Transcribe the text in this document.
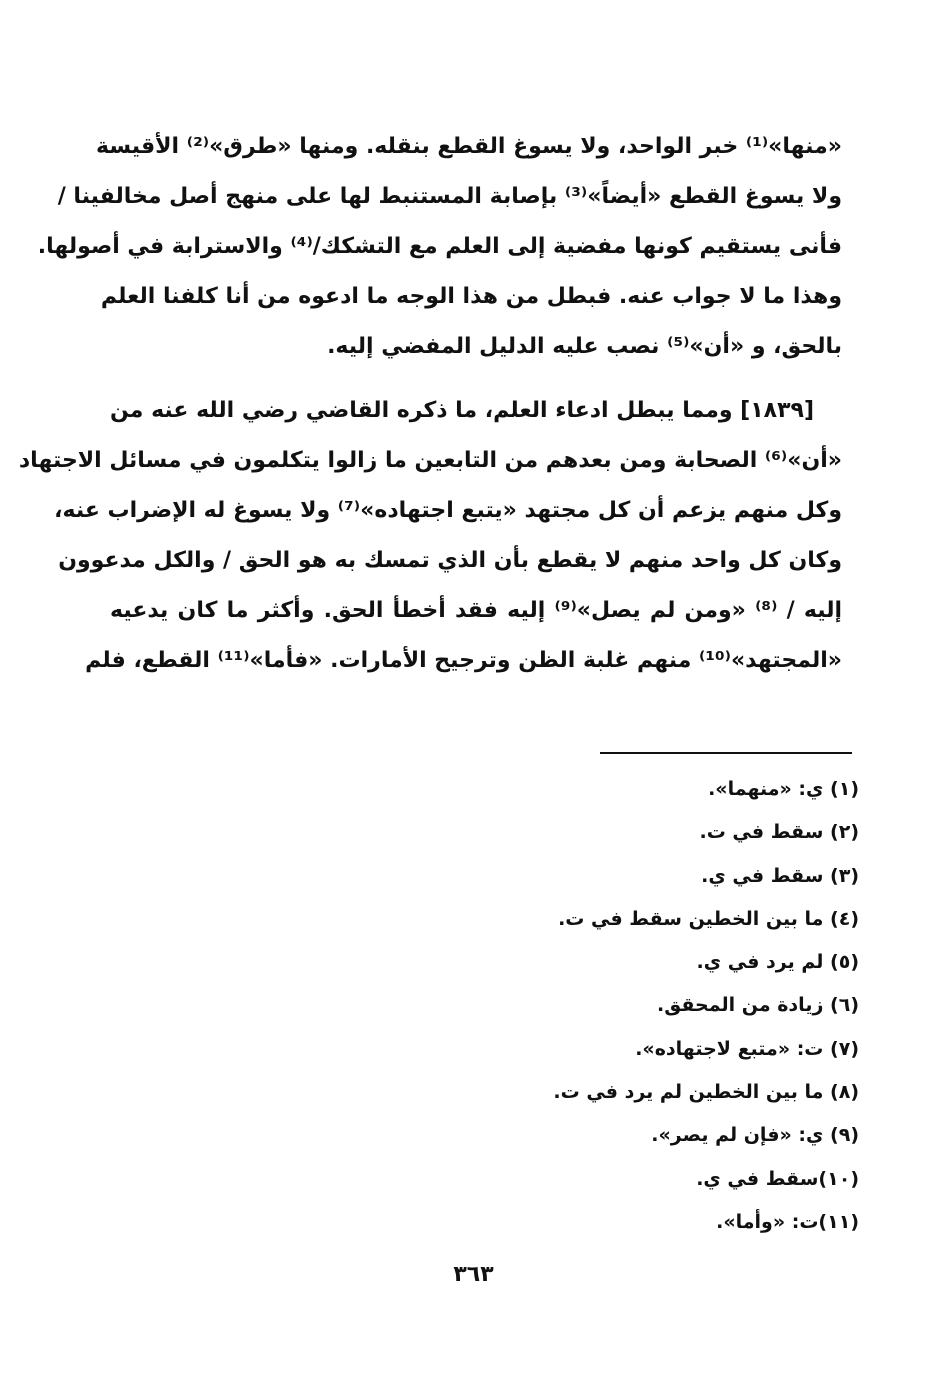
«منها»⁽¹⁾ خبر الواحد، ولا يسوغ القطع بنقله. ومنها «طرق»⁽²⁾ الأقيسة
ولا يسوغ القطع «أيضاً»⁽³⁾ بإصابة المستنبط لها على منهج أصل مخالفينا /
فأنى يستقيم كونها مفضية إلى العلم مع التشكك/⁽⁴⁾ والاسترابة في أصولها.
وهذا ما لا جواب عنه. فبطل من هذا الوجه ما ادعوه من أنا كلفنا العلم
بالحق، و «أن»⁽⁵⁾ نصب عليه الدليل المفضي إليه.

[١٨٣٩] ومما يبطل ادعاء العلم، ما ذكره القاضي رضي الله عنه من
«أن»⁽⁶⁾ الصحابة ومن بعدهم من التابعين ما زالوا يتكلمون في مسائل الاجتهاد
وكل منهم يزعم أن كل مجتهد «يتبع اجتهاده»⁽⁷⁾ ولا يسوغ له الإضراب عنه،
وكان كل واحد منهم لا يقطع بأن الذي تمسك به هو الحق / والكل مدعوون
إليه / ⁽⁸⁾ «ومن لم يصل»⁽⁹⁾ إليه فقد أخطأ الحق. وأكثر ما كان يدعيه
«المجتهد»⁽¹⁰⁾ منهم غلبة الظن وترجيح الأمارات. «فأما»⁽¹¹⁾ القطع، فلم

(١) ي: «منهما».
(٢) سقط في ت.
(٣) سقط في ي.
(٤) ما بين الخطين سقط في ت.
(٥) لم يرد في ي.
(٦) زيادة من المحقق.
(٧) ت: «متبع لاجتهاده».
(٨) ما بين الخطين لم يرد في ت.
(٩) ي: «فإن لم يصر».
(١٠)سقط في ي.
(١١)ت: «وأما».
٣٦٣
